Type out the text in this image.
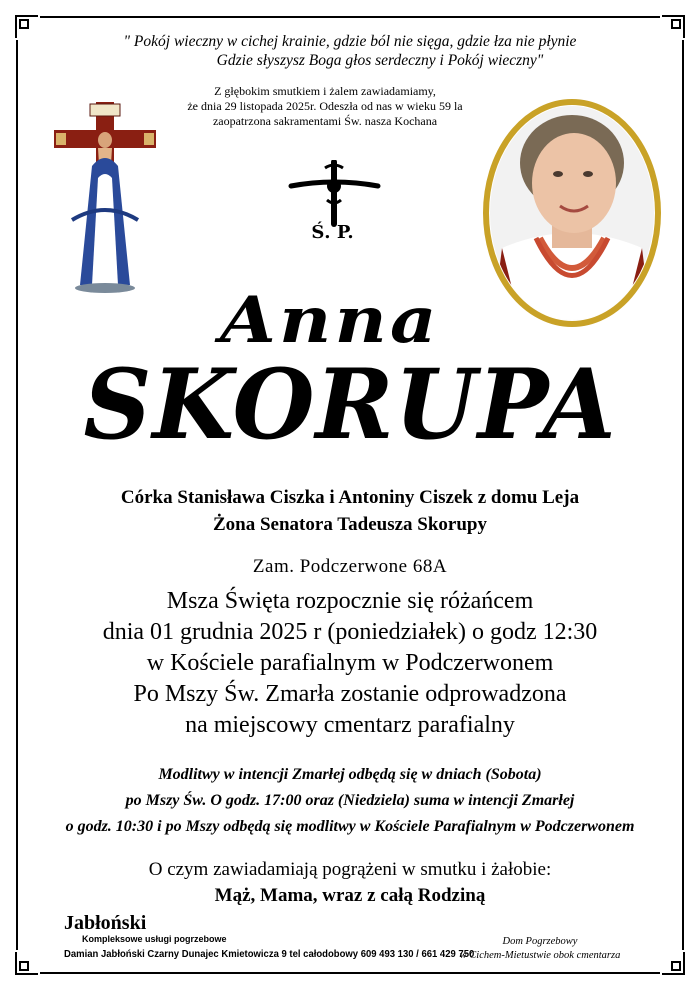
" Pokój wieczny w cichej krainie, gdzie ból nie sięga, gdzie łza nie płynie
Gdzie słyszysz Boga głos serdeczny i Pokój wieczny"
Z głębokim smutkiem i żalem zawiadamiamy,
że dnia 29 listopada 2025r. Odeszła od nas w wieku 59 la
zaopatrzona sakramentami Św. nasza Kochana
Ś. P.
Anna
SKORUPA
Córka Stanisława Ciszka i Antoniny Ciszek z domu Leja
Żona Senatora Tadeusza Skorupy
Zam. Podczerwone 68A
Msza Święta rozpocznie się różańcem
dnia 01 grudnia 2025 r (poniedziałek) o godz 12:30
w Kościele parafialnym w Podczerwonem
Po Mszy Św. Zmarła zostanie odprowadzona
na miejscowy cmentarz parafialny
Modlitwy w intencji Zmarłej odbędą się w dniach (Sobota)
po Mszy Św. O godz. 17:00 oraz (Niedziela) suma w intencji Zmarłej
o godz. 10:30 i po Mszy odbędą się modlitwy w Kościele Parafialnym w Podczerwonem
O czym zawiadamiają pogrążeni w smutku i żałobie:
Mąż, Mama, wraz z całą Rodziną
Jabłoński
Kompleksowe usługi pogrzebowe
Damian Jabłoński Czarny Dunajec Kmietowicza 9 tel całodobowy 609 493 130 / 661 429 750
Dom Pogrzebowy
w Cichem-Mietustwie obok cmentarza
